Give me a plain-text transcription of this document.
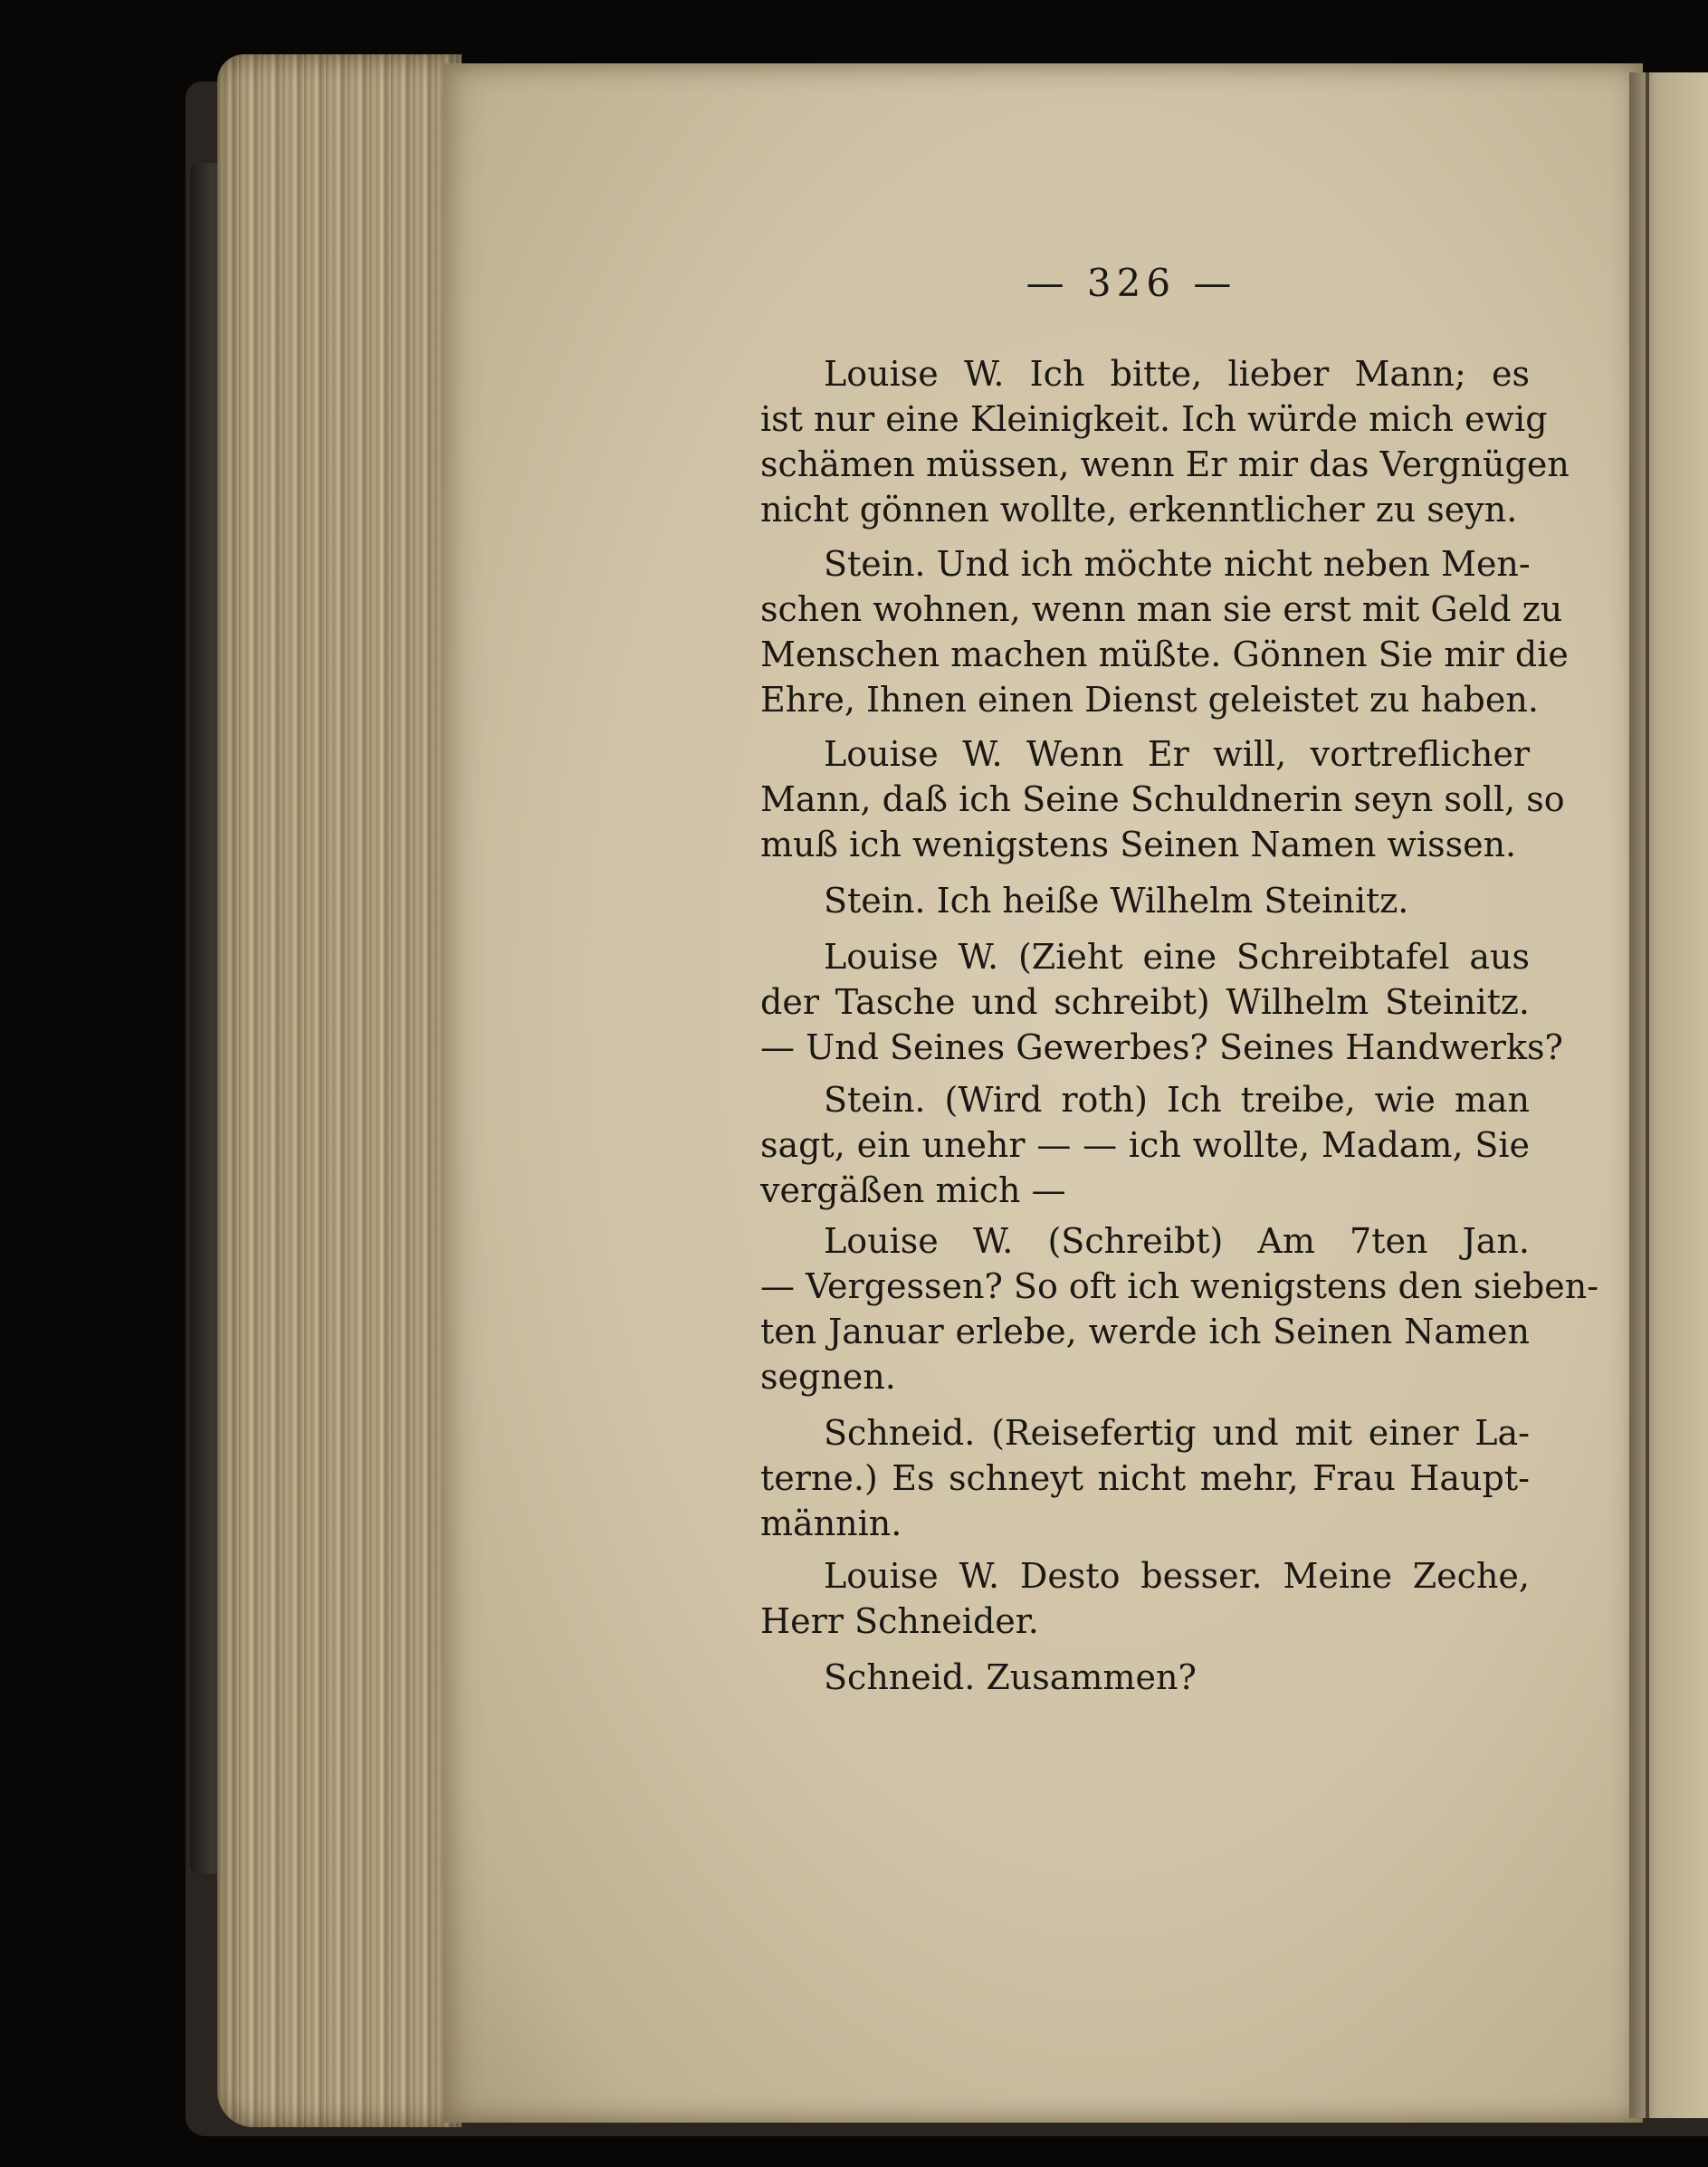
— 326 —
Louise W. Ich bitte, lieber Mann; es
ist nur eine Kleinigkeit. Ich würde mich ewig
schämen müssen, wenn Er mir das Vergnügen
nicht gönnen wollte, erkenntlicher zu seyn.
Stein. Und ich möchte nicht neben Men-
schen wohnen, wenn man sie erst mit Geld zu
Menschen machen müßte. Gönnen Sie mir die
Ehre, Ihnen einen Dienst geleistet zu haben.
Louise W. Wenn Er will, vortreflicher
Mann, daß ich Seine Schuldnerin seyn soll, so
muß ich wenigstens Seinen Namen wissen.
Stein. Ich heiße Wilhelm Steinitz.
Louise W. (Zieht eine Schreibtafel aus
der Tasche und schreibt) Wilhelm Steinitz.
— Und Seines Gewerbes? Seines Handwerks?
Stein. (Wird roth) Ich treibe, wie man
sagt, ein unehr — — ich wollte, Madam, Sie
vergäßen mich —
Louise W. (Schreibt) Am 7ten Jan.
— Vergessen? So oft ich wenigstens den sieben-
ten Januar erlebe, werde ich Seinen Namen
segnen.
Schneid. (Reisefertig und mit einer La-
terne.) Es schneyt nicht mehr, Frau Haupt-
männin.
Louise W. Desto besser. Meine Zeche,
Herr Schneider.
Schneid. Zusammen?
